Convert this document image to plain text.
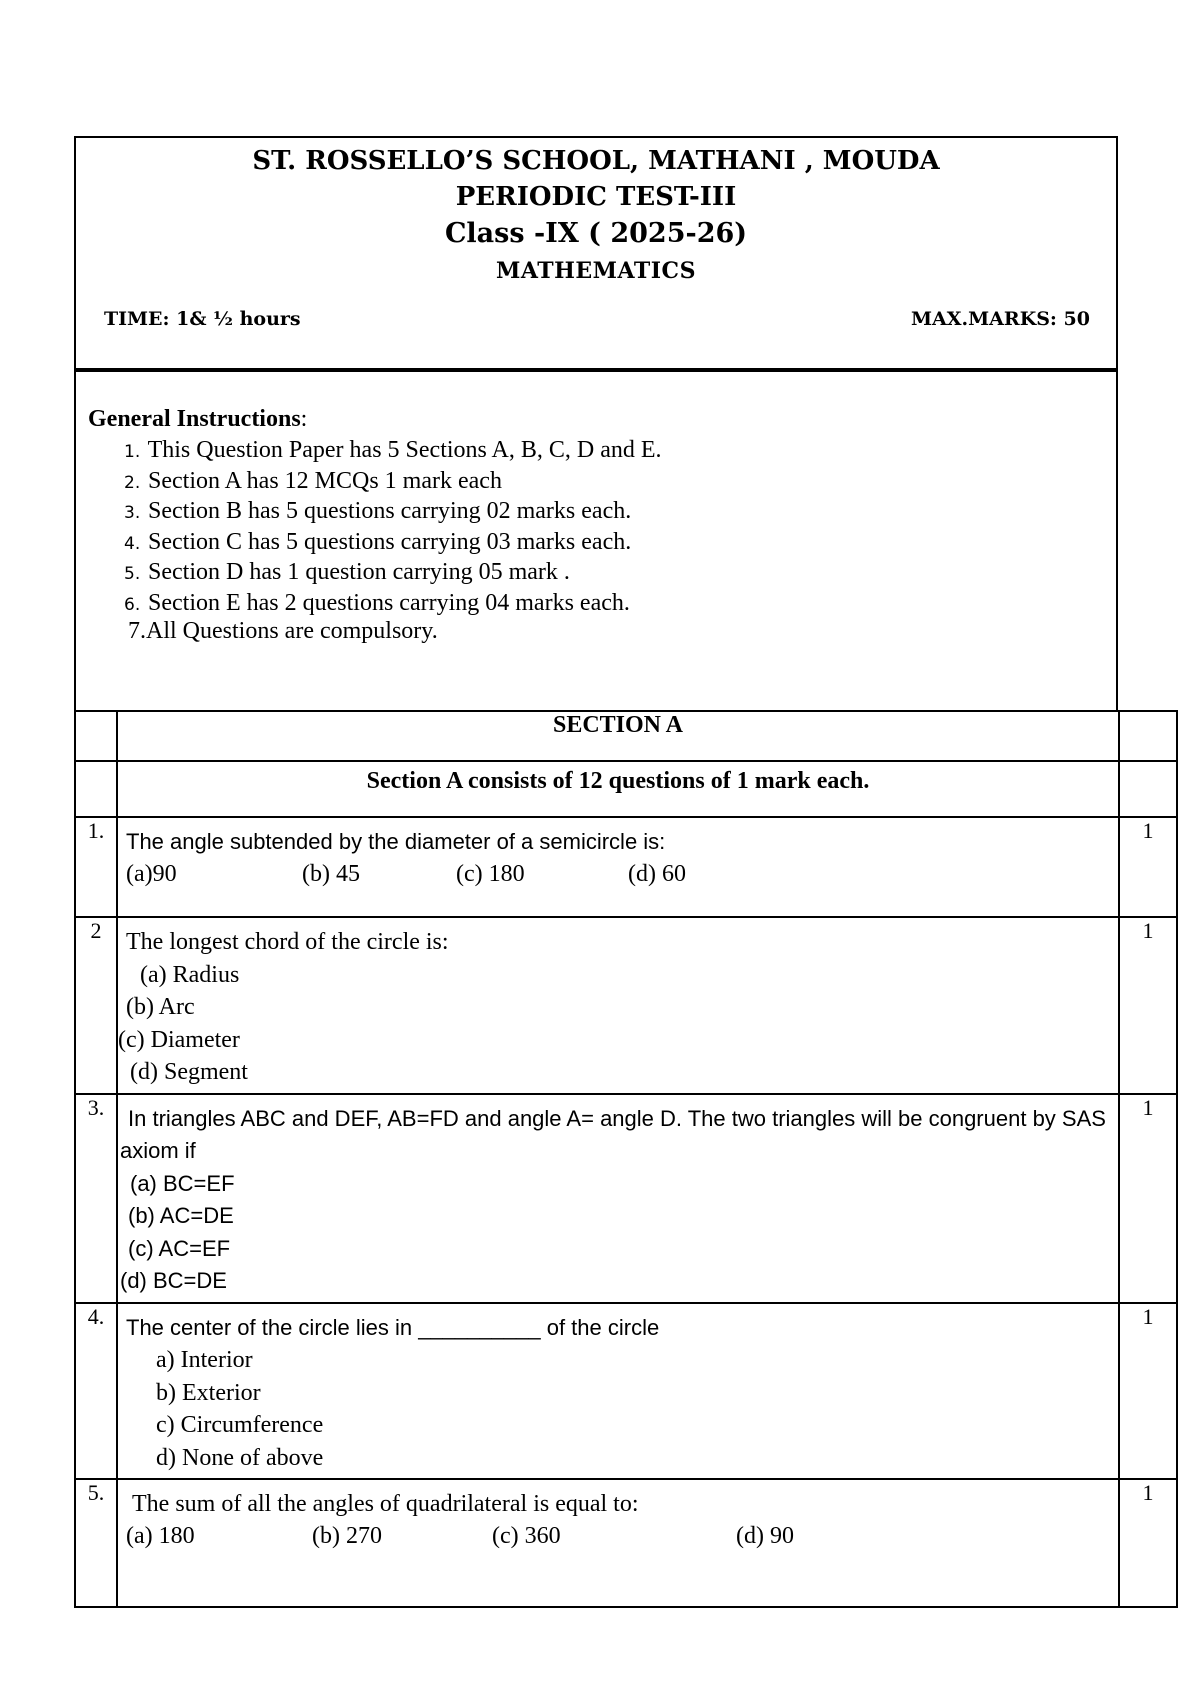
ST. ROSSELLO’S SCHOOL, MATHANI , MOUDA
PERIODIC TEST-III
Class -IX ( 2025-26)
MATHEMATICS
TIME: 1& ½ hours	MAX.MARKS: 50
General Instructions:
1. This Question Paper has 5 Sections A, B, C, D and E.
2. Section A has 12 MCQs 1 mark each
3. Section B has 5 questions carrying 02 marks each.
4. Section C has 5 questions carrying 03 marks each.
5. Section D has 1 question carrying 05 mark .
6. Section E has 2 questions carrying 04 marks each.
7.All Questions are compulsory.
	SECTION A	
	Section A consists of 12 questions of 1 mark each.	
1.	The angle subtended by the diameter of a semicircle is:
(a)90 (b) 45 (c) 180 (d) 60	1
2	The longest chord of the circle is:
(a) Radius
(b) Arc
(c) Diameter
(d) Segment	1
3.	In triangles ABC and DEF, AB=FD and angle A= angle D. The two triangles will be congruent by SAS axiom if
(a) BC=EF
(b) AC=DE
(c) AC=EF
(d) BC=DE	1
4.	The center of the circle lies in __________ of the circle
a) Interior
b) Exterior
c) Circumference
d) None of above	1
5.	The sum of all the angles of quadrilateral is equal to:
(a) 180 (b) 270 (c) 360 (d) 90	1
